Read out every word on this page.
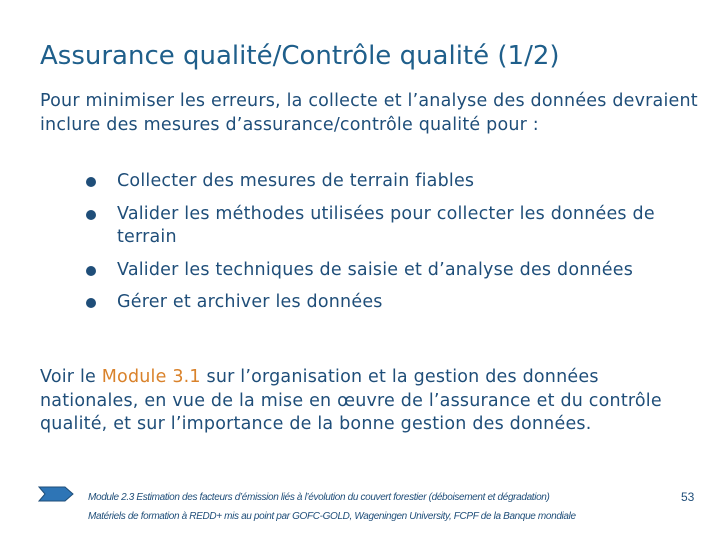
Assurance qualité/Contrôle qualité (1/2)
Pour minimiser les erreurs, la collecte et l’analyse des données devraient inclure des mesures d’assurance/contrôle qualité pour :
Collecter des mesures de terrain fiables
Valider les méthodes utilisées pour collecter les données de terrain
Valider les techniques de saisie et d’analyse des données
Gérer et archiver les données
Voir le Module 3.1 sur l’organisation et la gestion des données nationales, en vue de la mise en œuvre de l’assurance et du contrôle qualité, et sur l’importance de la bonne gestion des données.
Module 2.3 Estimation des facteurs d’émission liés à l’évolution du couvert forestier (déboisement et dégradation)
Matériels de formation à REDD+ mis au point par GOFC-GOLD, Wageningen University, FCPF de la Banque mondiale
53
